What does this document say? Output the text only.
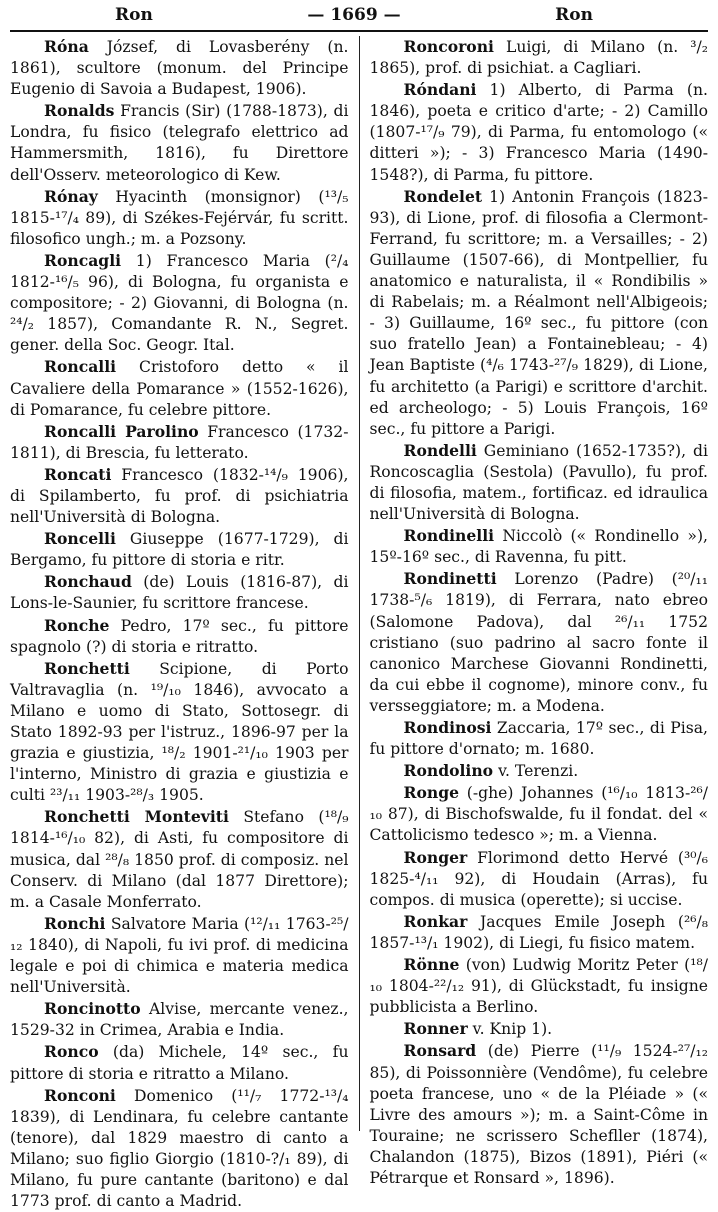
Ron	— 1669 —	Ron
Róna József, di Lovasberény (n. 1861), scultore (monum. del Principe Eugenio di Savoia a Budapest, 1906).
Ronalds Francis (Sir) (1788-1873), di Londra, fu fisico (telegrafo elettrico ad Hammersmith, 1816), fu Direttore dell'Osserv. meteorologico di Kew.
Rónay Hyacinth (monsignor) (¹³/₅ 1815-¹⁷/₄ 89), di Székes-Fejérvár, fu scritt. filosofico ungh.; m. a Pozsony.
Roncagli 1) Francesco Maria (²/₄ 1812-¹⁶/₅ 96), di Bologna, fu organista e compositore; - 2) Giovanni, di Bologna (n. ²⁴/₂ 1857), Comandante R. N., Segret. gener. della Soc. Geogr. Ital.
Roncalli Cristoforo detto « il Cavaliere della Pomarance » (1552-1626), di Pomarance, fu celebre pittore.
Roncalli Parolino Francesco (1732-1811), di Brescia, fu letterato.
Roncati Francesco (1832-¹⁴/₉ 1906), di Spilamberto, fu prof. di psichiatria nell'Università di Bologna.
Roncelli Giuseppe (1677-1729), di Bergamo, fu pittore di storia e ritr.
Ronchaud (de) Louis (1816-87), di Lons-le-Saunier, fu scrittore francese.
Ronche Pedro, 17º sec., fu pittore spagnolo (?) di storia e ritratto.
Ronchetti Scipione, di Porto Valtravaglia (n. ¹⁹/₁₀ 1846), avvocato a Milano e uomo di Stato, Sottosegr. di Stato 1892-93 per l'istruz., 1896-97 per la grazia e giustizia, ¹⁸/₂ 1901-²¹/₁₀ 1903 per l'interno, Ministro di grazia e giustizia e culti ²³/₁₁ 1903-²⁸/₃ 1905.
Ronchetti Monteviti Stefano (¹⁸/₉ 1814-¹⁶/₁₀ 82), di Asti, fu compositore di musica, dal ²⁸/₈ 1850 prof. di composiz. nel Conserv. di Milano (dal 1877 Direttore); m. a Casale Monferrato.
Ronchi Salvatore Maria (¹²/₁₁ 1763-²⁵/₁₂ 1840), di Napoli, fu ivi prof. di medicina legale e poi di chimica e materia medica nell'Università.
Roncinotto Alvise, mercante venez., 1529-32 in Crimea, Arabia e India.
Ronco (da) Michele, 14º sec., fu pittore di storia e ritratto a Milano.
Ronconi Domenico (¹¹/₇ 1772-¹³/₄ 1839), di Lendinara, fu celebre cantante (tenore), dal 1829 maestro di canto a Milano; suo figlio Giorgio (1810-?/₁ 89), di Milano, fu pure cantante (baritono) e dal 1773 prof. di canto a Madrid.
Roncoroni Luigi, di Milano (n. ³/₂ 1865), prof. di psichiat. a Cagliari.
Róndani 1) Alberto, di Parma (n. 1846), poeta e critico d'arte; - 2) Camillo (1807-¹⁷/₉ 79), di Parma, fu entomologo (« ditteri »); - 3) Francesco Maria (1490-1548?), di Parma, fu pittore.
Rondelet 1) Antonin François (1823-93), di Lione, prof. di filosofia a Clermont-Ferrand, fu scrittore; m. a Versailles; - 2) Guillaume (1507-66), di Montpellier, fu anatomico e naturalista, il « Rondibilis » di Rabelais; m. a Réalmont nell'Albigeois; - 3) Guillaume, 16º sec., fu pittore (con suo fratello Jean) a Fontainebleau; - 4) Jean Baptiste (⁴/₆ 1743-²⁷/₉ 1829), di Lione, fu architetto (a Parigi) e scrittore d'archit. ed archeologo; - 5) Louis François, 16º sec., fu pittore a Parigi.
Rondelli Geminiano (1652-1735?), di Roncoscaglia (Sestola) (Pavullo), fu prof. di filosofia, matem., fortificaz. ed idraulica nell'Università di Bologna.
Rondinelli Niccolò (« Rondinello »), 15º-16º sec., di Ravenna, fu pitt.
Rondinetti Lorenzo (Padre) (²⁰/₁₁ 1738-⁵/₆ 1819), di Ferrara, nato ebreo (Salomone Padova), dal ²⁶/₁₁ 1752 cristiano (suo padrino al sacro fonte il canonico Marchese Giovanni Rondinetti, da cui ebbe il cognome), minore conv., fu versseggiatore; m. a Modena.
Rondinosi Zaccaria, 17º sec., di Pisa, fu pittore d'ornato; m. 1680.
Rondolino v. Terenzi.
Ronge (-ghe) Johannes (¹⁶/₁₀ 1813-²⁶/₁₀ 87), di Bischofswalde, fu il fondat. del « Cattolicismo tedesco »; m. a Vienna.
Ronger Florimond detto Hervé (³⁰/₆ 1825-⁴/₁₁ 92), di Houdain (Arras), fu compos. di musica (operette); si uccise.
Ronkar Jacques Emile Joseph (²⁶/₈ 1857-¹³/₁ 1902), di Liegi, fu fisico matem.
Rönne (von) Ludwig Moritz Peter (¹⁸/₁₀ 1804-²²/₁₂ 91), di Glückstadt, fu insigne pubblicista a Berlino.
Ronner v. Knip 1).
Ronsard (de) Pierre (¹¹/₉ 1524-²⁷/₁₂ 85), di Poissonnière (Vendôme), fu celebre poeta francese, uno « de la Pléiade » (« Livre des amours »); m. a Saint-Côme in Touraine; ne scrissero Schefller (1874), Chalandon (1875), Bizos (1891), Piéri (« Pétrarque et Ronsard », 1896).
